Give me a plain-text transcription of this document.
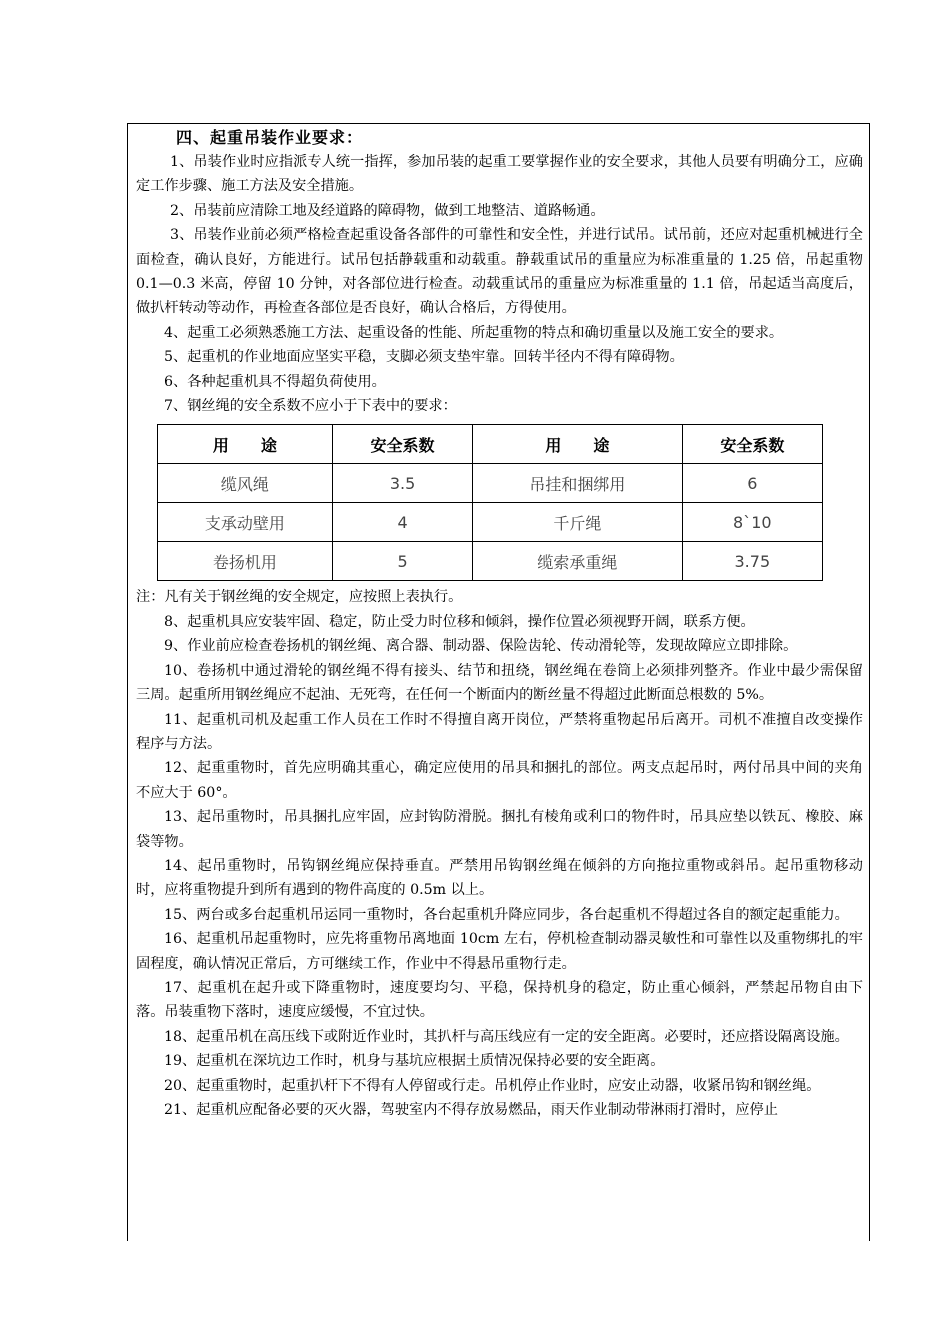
四、起重吊装作业要求：

1、吊装作业时应指派专人统一指挥，参加吊装的起重工要掌握作业的安全要求，其他人员要有明确分工，应确定工作步骤、施工方法及安全措施。

2、吊装前应清除工地及经道路的障碍物，做到工地整洁、道路畅通。

3、吊装作业前必须严格检查起重设备各部件的可靠性和安全性，并进行试吊。试吊前，还应对起重机械进行全面检查，确认良好，方能进行。试吊包括静载重和动载重。静载重试吊的重量应为标准重量的 1.25 倍，吊起重物 0.1—0.3 米高，停留 10 分钟，对各部位进行检查。动载重试吊的重量应为标准重量的 1.1 倍，吊起适当高度后，做扒杆转动等动作，再检查各部位是否良好，确认合格后，方得使用。

4、起重工必须熟悉施工方法、起重设备的性能、所起重物的特点和确切重量以及施工安全的要求。

5、起重机的作业地面应坚实平稳，支脚必须支垫牢靠。回转半径内不得有障碍物。

6、各种起重机具不得超负荷使用。

7、钢丝绳的安全系数不应小于下表中的要求：

用　　途	安全系数	用　　途	安全系数
缆风绳	3.5	吊挂和捆绑用	6
支承动壁用	4	千斤绳	8`10
卷扬机用	5	缆索承重绳	3.75

注：凡有关于钢丝绳的安全规定，应按照上表执行。

8、起重机具应安装牢固、稳定，防止受力时位移和倾斜，操作位置必须视野开阔，联系方便。

9、作业前应检查卷扬机的钢丝绳、离合器、制动器、保险齿轮、传动滑轮等，发现故障应立即排除。

10、卷扬机中通过滑轮的钢丝绳不得有接头、结节和扭绕，钢丝绳在卷筒上必须排列整齐。作业中最少需保留三周。起重所用钢丝绳应不起油、无死弯，在任何一个断面内的断丝量不得超过此断面总根数的 5%。

11、起重机司机及起重工作人员在工作时不得擅自离开岗位，严禁将重物起吊后离开。司机不准擅自改变操作程序与方法。

12、起重重物时，首先应明确其重心，确定应使用的吊具和捆扎的部位。两支点起吊时，两付吊具中间的夹角不应大于 60°。

13、起吊重物时，吊具捆扎应牢固，应封钩防滑脱。捆扎有棱角或利口的物件时，吊具应垫以铁瓦、橡胶、麻袋等物。

14、起吊重物时，吊钩钢丝绳应保持垂直。严禁用吊钩钢丝绳在倾斜的方向拖拉重物或斜吊。起吊重物移动时，应将重物提升到所有遇到的物件高度的 0.5m 以上。

15、两台或多台起重机吊运同一重物时，各台起重机升降应同步，各台起重机不得超过各自的额定起重能力。

16、起重机吊起重物时，应先将重物吊离地面 10cm 左右，停机检查制动器灵敏性和可靠性以及重物绑扎的牢固程度，确认情况正常后，方可继续工作，作业中不得悬吊重物行走。

17、起重机在起升或下降重物时，速度要均匀、平稳，保持机身的稳定，防止重心倾斜，严禁起吊物自由下落。吊装重物下落时，速度应缓慢，不宜过快。

18、起重吊机在高压线下或附近作业时，其扒杆与高压线应有一定的安全距离。必要时，还应搭设隔离设施。

19、起重机在深坑边工作时，机身与基坑应根据土质情况保持必要的安全距离。

20、起重重物时，起重扒杆下不得有人停留或行走。吊机停止作业时，应安止动器，收紧吊钩和钢丝绳。

21、起重机应配备必要的灭火器，驾驶室内不得存放易燃品，雨天作业制动带淋雨打滑时，应停止
